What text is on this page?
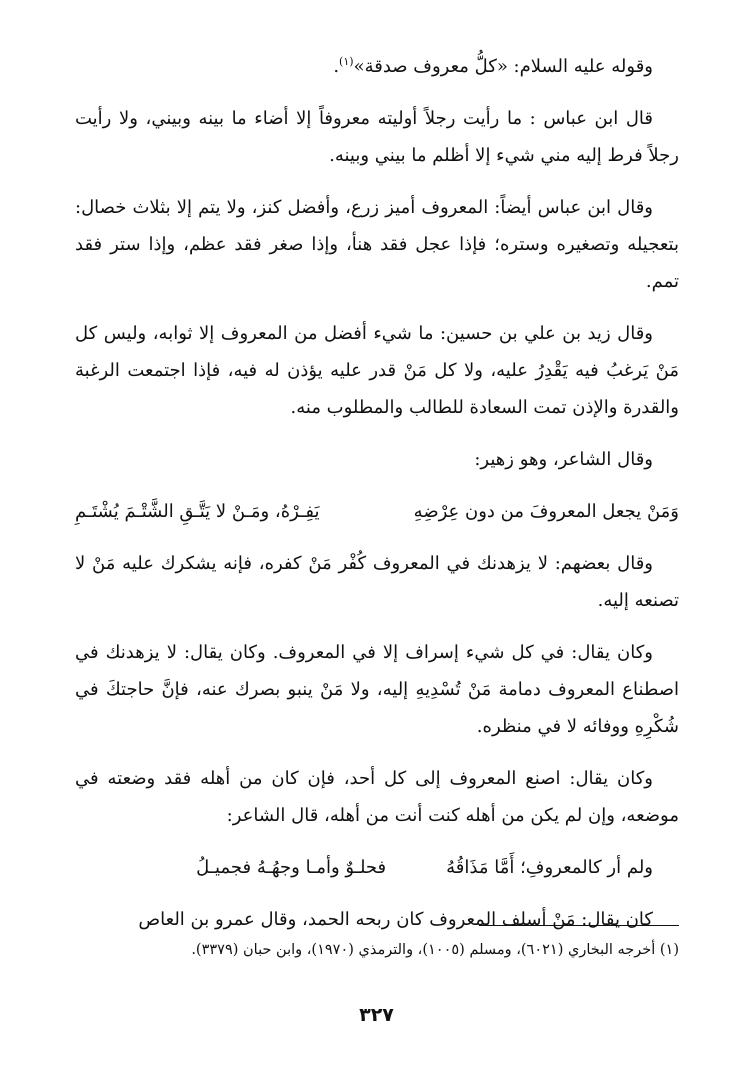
وقوله عليه السلام: «كلُّ معروف صدقة»$^{(١)}$.

قال ابن عباس : ما رأيت رجلاً أوليته معروفاً إلا أضاء ما بينه وبيني، ولا رأيت رجلاً فرط إليه مني شيء إلا أظلم ما بيني وبينه.

وقال ابن عباس أيضاً: المعروف أميز زرع، وأفضل كنز، ولا يتم إلا بثلاث خصال: بتعجيله وتصغيره وستره؛ فإذا عجل فقد هنأ، وإذا صغر فقد عظم، وإذا ستر فقد تمم.

وقال زيد بن علي بن حسين: ما شيء أفضل من المعروف إلا ثوابه، وليس كل مَنْ يَرغبُ فيه يَقْدِرُ عليه، ولا كل مَنْ قدر عليه يؤذن له فيه، فإذا اجتمعت الرغبة والقدرة والإذن تمت السعادة للطالب والمطلوب منه.

وقال الشاعر، وهو زهير:

وَمَنْ يجعل المعروفَ من دون عِرْضِهِ
يَفِـرْهُ، ومَـنْ لا يَتَّـقِ الشَّتْـمَ يُشْتَـمِ

وقال بعضهم: لا يزهدنك في المعروف كُفْر مَنْ كفره، فإنه يشكرك عليه مَنْ لا تصنعه إليه.

وكان يقال: في كل شيء إسراف إلا في المعروف. وكان يقال: لا يزهدنك في اصطناع المعروف دمامة مَنْ تُسْدِيهِ إليه، ولا مَنْ ينبو بصرك عنه، فإنَّ حاجتكَ في شُكْرِهِ ووفائه لا في منظره.

وكان يقال: اصنع المعروف إلى كل أحد، فإن كان من أهله فقد وضعته في موضعه، وإن لم يكن من أهله كنت أنت من أهله، قال الشاعر:

ولم أر كالمعروفِ؛ أَمَّا مَذَاقُهُ
فحلـوٌ وأمـا وجهُـهُ فجميـلُ

كان يقال: مَنْ أسلف المعروف كان ربحه الحمد، وقال عمرو بن العاص

(١) أخرجه البخاري (٦٠٢١)، ومسلم (١٠٠٥)، والترمذي (١٩٧٠)، وابن حبان (٣٣٧٩).
٣٢٧
